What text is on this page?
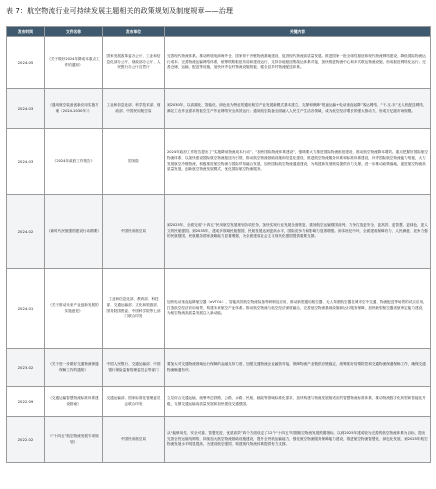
表 7：航空物流行业可持续发展主题相关的政策规划及制度规章——治理
发布时间	文件名称	发布单位	关键内容
2024.05	《关于做好2024年降成本重点工作的通知》	国家发展改革委办公厅、工业和信息化部办公厅、财政部办公厅、人民银行办公厅自然厅	完善现代物流体系。推动跨境电商海外仓、国家骨干冷链物流基地建设，促进现代物流高质量发展。推进国家一批全球性枢纽和现代物流网络建设，降低国际物流运行成本；完善物流运输网络体系，统筹铁路枢纽布局和建设运行，支持各地枢纽集疏运体系对接，加快推进物流中心和多式联运物流设施，形成枢纽网络化运行；完善仓储、运输、配送等设施，加快补齐农村物流设施短板，健全县乡村物流配送体系。
2024.03	《通用航空装备创新应用实施方案（2024-2030年）》	工业和信息化部、科学技术部、财政部、中国民用航空局	到2030年，以高端化、智能化、绿色化为特征的通用航空产业发展新模式基本建立，支撑和保障“短途运输+电动垂直起降”客运网络、“干-支-末”无人机配送网络，满足工农作业需求的低空生产作业网络安全高效运行；通用航空装备全面融入人民生产生活各领域，成为低空经济增长的强大推动力，形成万亿级市场规模。
2024.03	《2024年政府工作报告》	国务院	2024年政府工作报告提出了“实施降低物流成本行动”，“加快国际物流体系建设”，强调要大力推进国际物流枢纽建设，推动航空物流降本增效。重点把握好国际航空物流体系，以加快建设国际航空物流枢纽为引领，推动航空物流基础设施和信息化建设，推进航空物流服务体系和标准体系建设，补齐国际航空物流能力短板，大力发展航空冷链物流，积极推进航空物流与国际贸易融合发展，加快国际航空物流通道建设，为构建新发展格局提供有力支撑。进一步推动政策落地，促进航空物流高质量发展，创新航空物流发展模式，优化国际航空物流服务。
2024.02	《新时代民航强国建设行动纲要》	中国民用航空局	到2025年，全面完成“十四五”民用航空发展规划各项任务，加快实现行业发展全面恢复，重回航空运输强国前列；力争打造更安全、更高效、更智慧、更绿色、更人文的民航强国。到2035年，建成多领域民航强国，民航发展达到更高水平，国际竞争力和影响力显著增强。到本世纪中叶，全面建成保障有力、人民满意、竞争力强的民航强国，民航服务国家战略能力显著增强，为全面建成社会主义现代化强国提供重要支撑。
2024.01	《关于推动未来产业创新发展的实施意见》	工业和信息化部、教育部、科技部、交通运输部、文化和旅游部、国务院国资委、中国科学院等七部门联合印发	加快电动垂直起降航空器（eVTOL）、智能高效航空物流装备等研制及应用，推动新型通用航空器、无人驾驶航空器在城市空中交通、物流配送等场景的试点应用，打造低空经济应用场景，构建未来航空产业体系。推动航空物流与低空经济深度融合，完善低空物流基础设施和运行服务保障，加快新型航空器适航审定能力建设，为航空物流高质量发展注入新动能。
2023.02	《关于进一步做好交通物流保通保畅工作的通知》	中国人民银行、交通运输部、中国银行保险监督管理委员会等部门	要加大对交通物流领域运行保障的金融支持力度，加强交通物流企业融资对接，保障物流产业链供应链稳定，统筹抓好疫情防控和交通物流保通保畅工作，确保交通物流畅通有序。
2022.09	《交通运输智慧物流标准体系建设指南》	交通运输部、国家标准化管理委员会联合印发	立足综合交通运输，统筹考虑铁路、公路、水路、民航、邮政等领域标准化需求，加快构建与物流发展相适应的智慧物流标准体系，推动物流数字化转型和智能化升级，支撑交通运输高质量发展和加快建设交通强国。
2022.02	《“十四五”航空物流发展专项规划》	中国民用航空局	从“能够用先、安全可靠、智慧先进、优质高效”四个方面设定了12个“十四五”时期航空物流发展预期指标，以到2025年建成较为完善的航空物流体系为目标，提出完善全货运航线网络，持续加大航空物流基础设施建设，提升全货机运输能力，强化航空物流服务保障能力建设，推进航空物流智慧化、绿色化发展，到2025年航空物流发展水平明显提高，为建设航空强国、构建现代物流体系提供有力支撑。
